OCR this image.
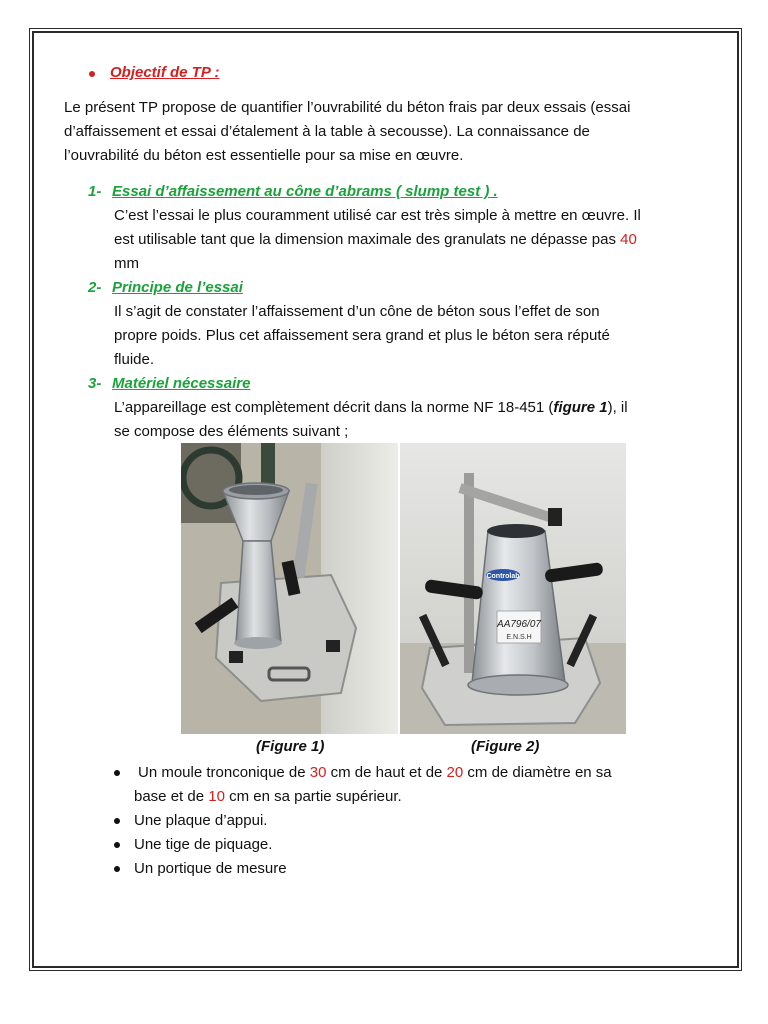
Objectif de TP :
Le présent TP propose de quantifier l’ouvrabilité du béton frais par deux essais (essai
d’affaissement et essai d’étalement à la table à secousse). La connaissance de
l’ouvrabilité du béton est essentielle pour sa mise en œuvre.
1- Essai d’affaissement au cône d’abrams ( slump test ) .
C’est l’essai le plus couramment utilisé car est très simple à mettre en œuvre. Il
est utilisable tant que la dimension maximale des granulats ne dépasse pas 40
mm
2- Principe de l’essai
Il s’agit de constater l’affaissement d’un cône de béton sous l’effet de son
propre poids. Plus cet affaissement sera grand et plus le béton sera réputé
fluide.
3- Matériel nécessaire
L’appareillage est complètement décrit dans la norme NF 18-451 (figure 1), il
se compose des éléments suivant ;
Controlab
AA796/07
E.N.S.H
(Figure 1)	(Figure 2)
Un moule tronconique de 30 cm de haut et de 20 cm de diamètre en sa
base et de 10 cm en sa partie supérieur.
Une plaque d’appui.
Une tige de piquage.
Un portique de mesure
